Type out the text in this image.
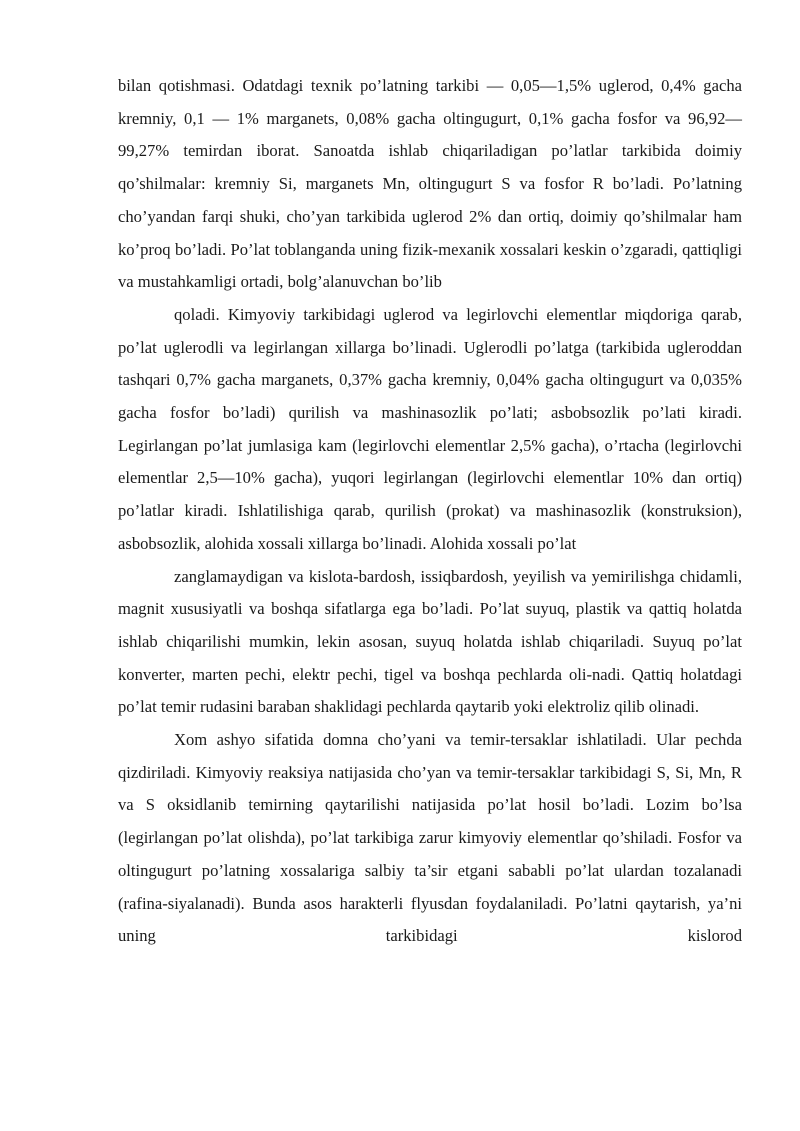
bilan qotishmasi. Odatdagi texnik po’latning tarkibi — 0,05—1,5% uglerod, 0,4% gacha kremniy, 0,1 — 1% marganets, 0,08% gacha oltingugurt, 0,1% gacha fosfor va 96,92—99,27% temirdan iborat. Sanoatda ishlab chiqariladigan po’latlar tarkibida doimiy qo’shilmalar: kremniy Si, marganets Mn, oltingugurt S va fosfor R bo’ladi. Po’latning cho’yandan farqi shuki, cho’yan tarkibida uglerod 2% dan ortiq, doimiy qo’shilmalar ham ko’proq bo’ladi. Po’lat toblanganda uning fizik-mexanik xossalari keskin o’zgaradi, qattiqligi va mustahkamligi ortadi, bolg’alanuvchan bo’lib

qoladi. Kimyoviy tarkibidagi uglerod va legirlovchi elementlar miqdoriga qarab, po’lat uglerodli va legirlangan xillarga bo’linadi. Uglerodli po’latga (tarkibida ugleroddan tashqari 0,7% gacha marganets, 0,37% gacha kremniy, 0,04% gacha oltingugurt va 0,035% gacha fosfor bo’ladi) qurilish va mashinasozlik po’lati; asbobsozlik po’lati kiradi. Legirlangan po’lat jumlasiga kam (legirlovchi elementlar 2,5% gacha), o’rtacha (legirlovchi elementlar 2,5—10% gacha), yuqori legirlangan (legirlovchi elementlar 10% dan ortiq) po’latlar kiradi. Ishlatilishiga qarab, qurilish (prokat) va mashinasozlik (konstruksion), asbobsozlik, alohida xossali xillarga bo’linadi. Alohida xossali po’lat

zanglamaydigan va kislota-bardosh, issiqbardosh, yeyilish va yemirilishga chidamli, magnit xususiyatli va boshqa sifatlarga ega bo’ladi. Po’lat suyuq, plastik va qattiq holatda ishlab chiqarilishi mumkin, lekin asosan, suyuq holatda ishlab chiqariladi. Suyuq po’lat konverter, marten pechi, elektr pechi, tigel va boshqa pechlarda oli-nadi. Qattiq holatdagi po’lat temir rudasini baraban shaklidagi pechlarda qaytarib yoki elektroliz qilib olinadi.

Xom ashyo sifatida domna cho’yani va temir-tersaklar ishlatiladi. Ular pechda qizdiriladi. Kimyoviy reaksiya natijasida cho’yan va temir-tersaklar tarkibidagi S, Si, Mn, R va S oksidlanib temirning qaytarilishi natijasida po’lat hosil bo’ladi. Lozim bo’lsa (legirlangan po’lat olishda), po’lat tarkibiga zarur kimyoviy elementlar qo’shiladi. Fosfor va oltingugurt po’latning xossalariga salbiy ta’sir etgani sababli po’lat ulardan tozalanadi (rafina-siyalanadi). Bunda asos harakterli flyusdan foydalaniladi. Po’latni qaytarish, ya’ni uning tarkibidagi kislorod
